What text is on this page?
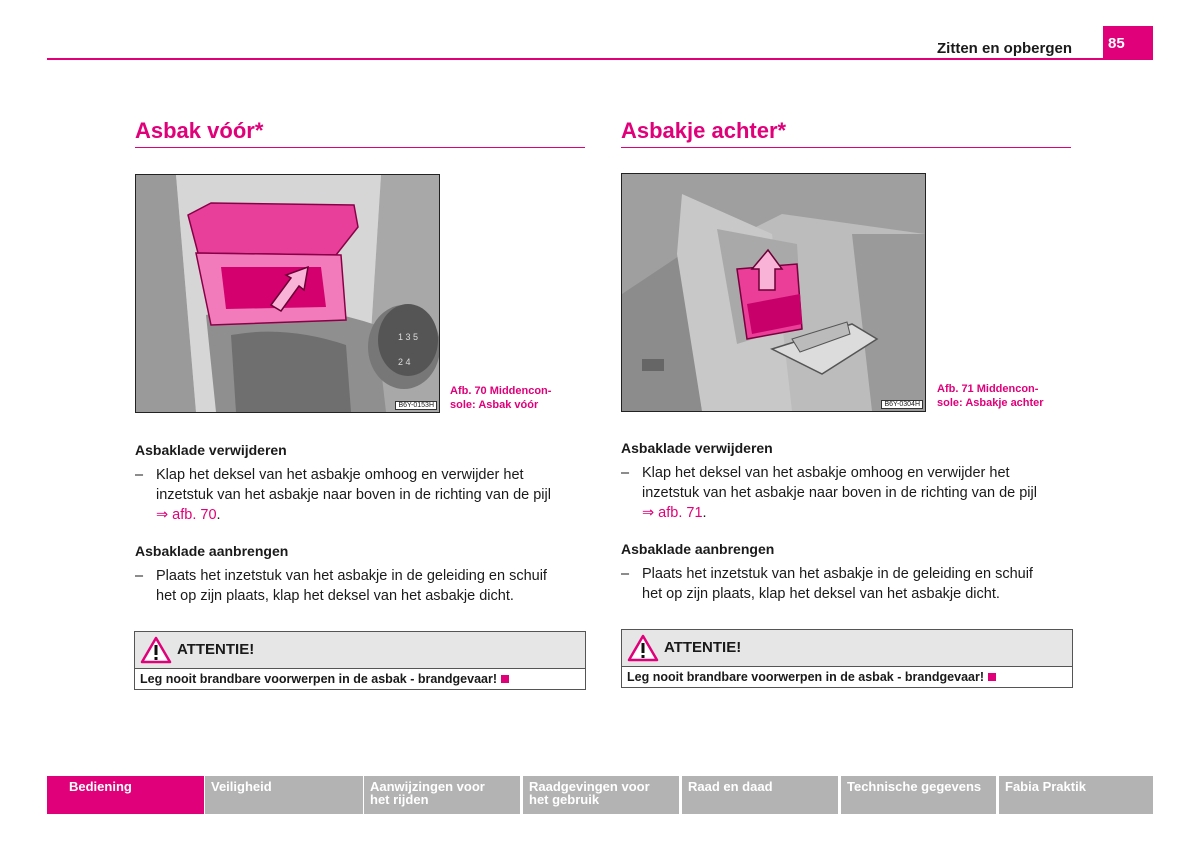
Zitten en opbergen	85
Asbak vóór*
1 3 5
2 4
B6Y-0153H
Afb. 70 Middencon-
sole: Asbak vóór
Asbaklade verwijderen
– Klap het deksel van het asbakje omhoog en verwijder het
inzetstuk van het asbakje naar boven in de richting van de pijl
⇒ afb. 70.
Asbaklade aanbrengen
– Plaats het inzetstuk van het asbakje in de geleiding en schuif
het op zijn plaats, klap het deksel van het asbakje dicht.
ATTENTIE!
Leg nooit brandbare voorwerpen in de asbak - brandgevaar!
Asbakje achter*
B6Y-0304H
Afb. 71 Middencon-
sole: Asbakje achter
Asbaklade verwijderen
– Klap het deksel van het asbakje omhoog en verwijder het
inzetstuk van het asbakje naar boven in de richting van de pijl
⇒ afb. 71.
Asbaklade aanbrengen
– Plaats het inzetstuk van het asbakje in de geleiding en schuif
het op zijn plaats, klap het deksel van het asbakje dicht.
ATTENTIE!
Leg nooit brandbare voorwerpen in de asbak - brandgevaar!
Bediening	Veiligheid	Aanwijzingen voor
het rijden
Raadgevingen voor
het gebruik
Raad en daad	Technische gegevens	Fabia Praktik
